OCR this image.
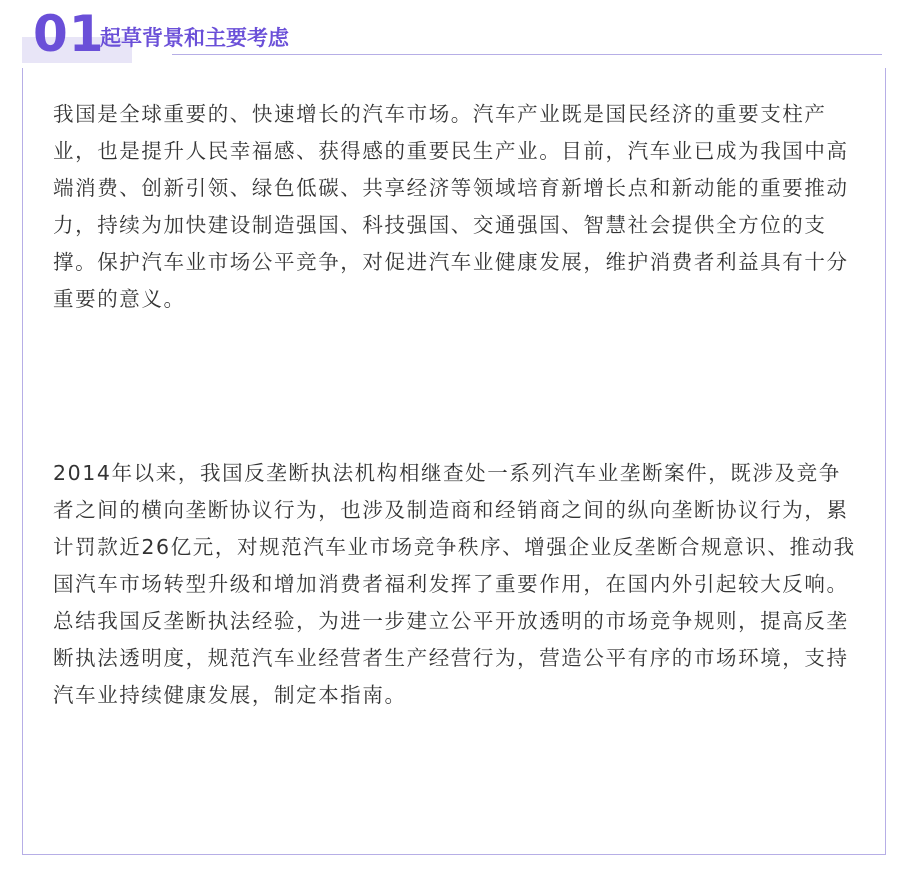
01
起草背景和主要考虑

我国是全球重要的、快速增长的汽车市场。汽车产业既是国民经济的重要支柱产业，也是提升人民幸福感、获得感的重要民生产业。目前，汽车业已成为我国中高端消费、创新引领、绿色低碳、共享经济等领域培育新增长点和新动能的重要推动力，持续为加快建设制造强国、科技强国、交通强国、智慧社会提供全方位的支撑。保护汽车业市场公平竞争，对促进汽车业健康发展，维护消费者利益具有十分重要的意义。

2014年以来，我国反垄断执法机构相继查处一系列汽车业垄断案件，既涉及竞争者之间的横向垄断协议行为，也涉及制造商和经销商之间的纵向垄断协议行为，累计罚款近26亿元，对规范汽车业市场竞争秩序、增强企业反垄断合规意识、推动我国汽车市场转型升级和增加消费者福利发挥了重要作用，在国内外引起较大反响。总结我国反垄断执法经验，为进一步建立公平开放透明的市场竞争规则，提高反垄断执法透明度，规范汽车业经营者生产经营行为，营造公平有序的市场环境，支持汽车业持续健康发展，制定本指南。
